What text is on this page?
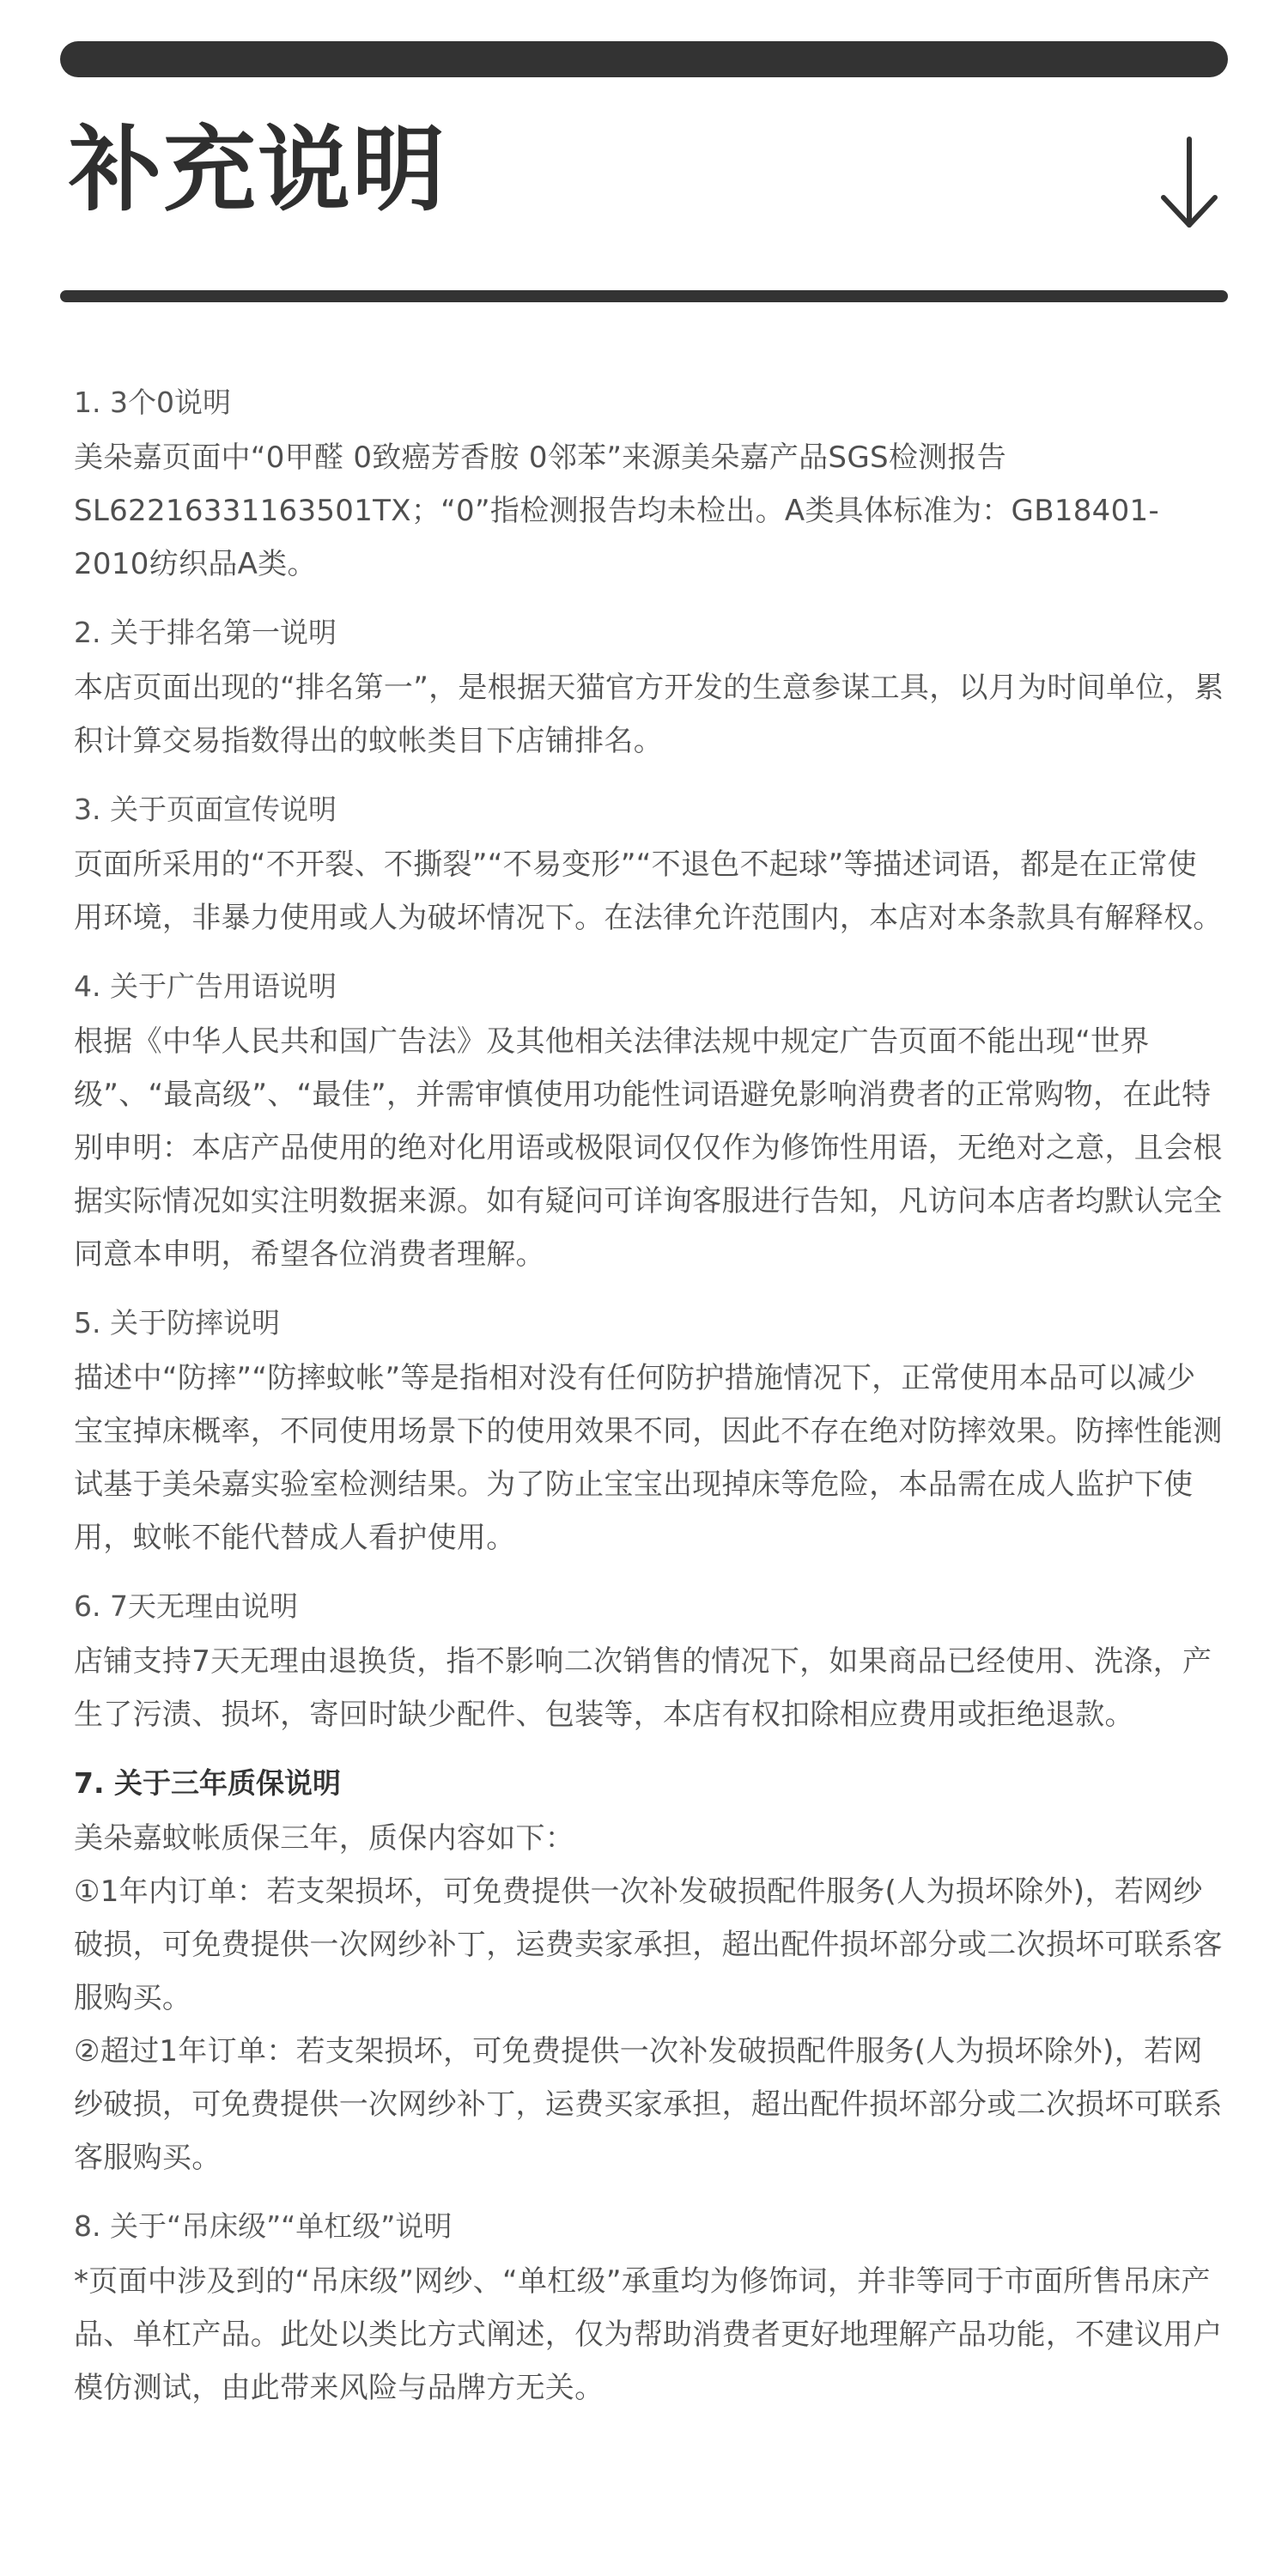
补充说明
1. 3个0说明
美朵嘉页面中“0甲醛 0致癌芳香胺 0邻苯”来源美朵嘉产品SGS检测报告SL62216331163501TX；“0”指检测报告均未检出。A类具体标准为：GB18401-2010纺织品A类。
2. 关于排名第一说明
本店页面出现的“排名第一”，是根据天猫官方开发的生意参谋工具，以月为时间单位，累积计算交易指数得出的蚊帐类目下店铺排名。
3. 关于页面宣传说明
页面所采用的“不开裂、不撕裂”“不易变形”“不退色不起球”等描述词语，都是在正常使用环境，非暴力使用或人为破坏情况下。在法律允许范围内，本店对本条款具有解释权。
4. 关于广告用语说明
根据《中华人民共和国广告法》及其他相关法律法规中规定广告页面不能出现“世界级”、“最高级”、“最佳”，并需审慎使用功能性词语避免影响消费者的正常购物，在此特别申明：本店产品使用的绝对化用语或极限词仅仅作为修饰性用语，无绝对之意，且会根据实际情况如实注明数据来源。如有疑问可详询客服进行告知，凡访问本店者均默认完全同意本申明，希望各位消费者理解。
5. 关于防摔说明
描述中“防摔”“防摔蚊帐”等是指相对没有任何防护措施情况下，正常使用本品可以减少宝宝掉床概率，不同使用场景下的使用效果不同，因此不存在绝对防摔效果。防摔性能测试基于美朵嘉实验室检测结果。为了防止宝宝出现掉床等危险，本品需在成人监护下使用，蚊帐不能代替成人看护使用。
6. 7天无理由说明
店铺支持7天无理由退换货，指不影响二次销售的情况下，如果商品已经使用、洗涤，产生了污渍、损坏，寄回时缺少配件、包装等，本店有权扣除相应费用或拒绝退款。
7. 关于三年质保说明
美朵嘉蚊帐质保三年，质保内容如下：
①1年内订单：若支架损坏，可免费提供一次补发破损配件服务(人为损坏除外)，若网纱破损，可免费提供一次网纱补丁，运费卖家承担，超出配件损坏部分或二次损坏可联系客服购买。
②超过1年订单：若支架损坏，可免费提供一次补发破损配件服务(人为损坏除外)，若网纱破损，可免费提供一次网纱补丁，运费买家承担，超出配件损坏部分或二次损坏可联系客服购买。
8. 关于“吊床级”“单杠级”说明
*页面中涉及到的“吊床级”网纱、“单杠级”承重均为修饰词，并非等同于市面所售吊床产品、单杠产品。此处以类比方式阐述，仅为帮助消费者更好地理解产品功能，不建议用户模仿测试，由此带来风险与品牌方无关。
